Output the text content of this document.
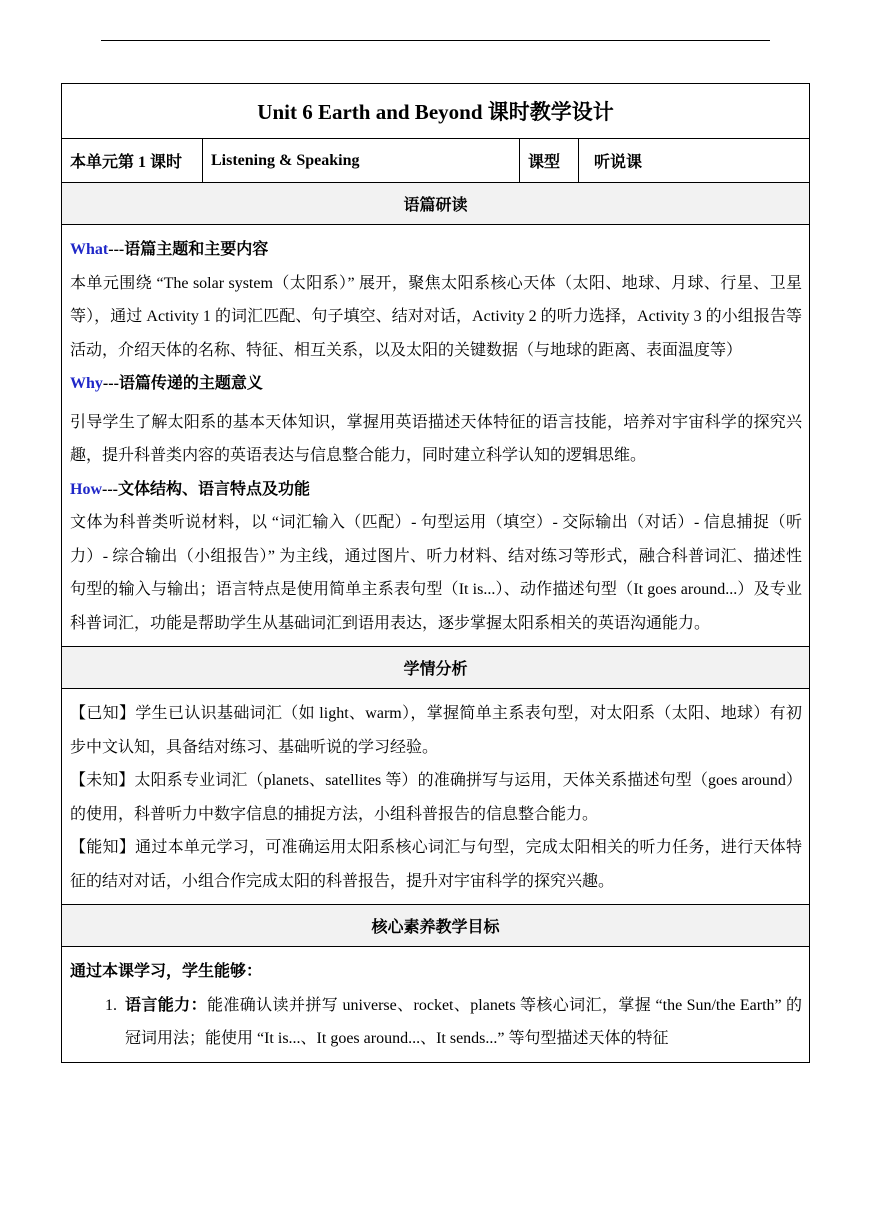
Unit 6 Earth and Beyond 课时教学设计
本单元第 1 课时	Listening & Speaking	课型	听说课
语篇研读

What---语篇主题和主要内容

本单元围绕 “The solar system（太阳系）” 展开，聚焦太阳系核心天体（太阳、地球、月球、行星、卫星等），通过 Activity 1 的词汇匹配、句子填空、结对对话，Activity 2 的听力选择，Activity 3 的小组报告等活动，介绍天体的名称、特征、相互关系，以及太阳的关键数据（与地球的距离、表面温度等）

Why---语篇传递的主题意义

引导学生了解太阳系的基本天体知识，掌握用英语描述天体特征的语言技能，培养对宇宙科学的探究兴趣，提升科普类内容的英语表达与信息整合能力，同时建立科学认知的逻辑思维。

How---文体结构、语言特点及功能

文体为科普类听说材料，以 “词汇输入（匹配）- 句型运用（填空）- 交际输出（对话）- 信息捕捉（听力）- 综合输出（小组报告）” 为主线，通过图片、听力材料、结对练习等形式，融合科普词汇、描述性句型的输入与输出；语言特点是使用简单主系表句型（It is...）、动作描述句型（It goes around...）及专业科普词汇，功能是帮助学生从基础词汇到语用表达，逐步掌握太阳系相关的英语沟通能力。

学情分析

【已知】学生已认识基础词汇（如 light、warm），掌握简单主系表句型，对太阳系（太阳、地球）有初步中文认知，具备结对练习、基础听说的学习经验。

【未知】太阳系专业词汇（planets、satellites 等）的准确拼写与运用，天体关系描述句型（goes around）的使用，科普听力中数字信息的捕捉方法，小组科普报告的信息整合能力。

【能知】通过本单元学习，可准确运用太阳系核心词汇与句型，完成太阳相关的听力任务，进行天体特征的结对对话，小组合作完成太阳的科普报告，提升对宇宙科学的探究兴趣。

核心素养教学目标

通过本课学习，学生能够：

1. 语言能力：能准确认读并拼写 universe、rocket、planets 等核心词汇，掌握 “the Sun/the Earth” 的冠词用法；能使用 “It is...、It goes around...、It sends...” 等句型描述天体的特征
